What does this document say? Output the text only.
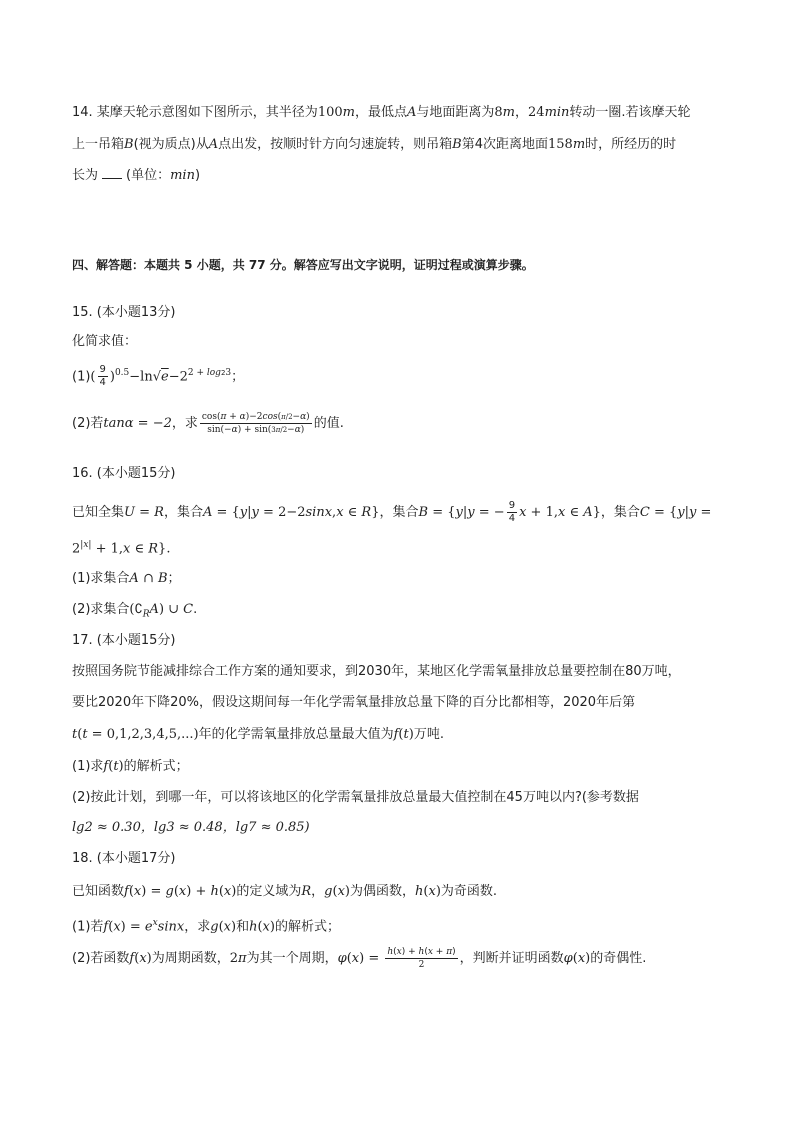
14. 某摩天轮示意图如下图所示，其半径为100m，最低点A与地面距离为8m，24min转动一圈.若该摩天轮
上一吊箱B(视为质点)从A点出发，按顺时针方向匀速旋转，则吊箱B第4次距离地面158m时，所经历的时
长为 (单位：min)
四、解答题：本题共 5 小题，共 77 分。解答应写出文字说明，证明过程或演算步骤。
15. (本小题13分)
化简求值：
$(1)( \frac{9}{4} )^{0.5}-\ln√e-2^{2 + log23}$；
(2)若tanα = −2，求 $\frac{\cos(\pi + \alpha)-2\cos(\pi/2-\alpha)}{\sin(-\alpha) + \sin(3\pi/2-\alpha)}$ 的值.
16. (本小题15分)
已知全集U = R，集合A = {y|y = 2−2sinx,x ∈ R}，集合B = {y|y = − $\frac{9}{4}$ x + 1,x ∈ A}，集合C = {y|y =
$2^{|x|} + 1,x$ ∈ R}.
(1)求集合A ∩ B；
(2)求集合$(∁_RA)$ ∪ C.
17. (本小题15分)
按照国务院节能减排综合工作方案的通知要求，到2030年，某地区化学需氧量排放总量要控制在80万吨，
要比2020年下降20%，假设这期间每一年化学需氧量排放总量下降的百分比都相等，2020年后第
t(t = 0,1,2,3,4,5,...)年的化学需氧量排放总量最大值为f(t)万吨.
(1)求f(t)的解析式；
(2)按此计划，到哪一年，可以将该地区的化学需氧量排放总量最大值控制在45万吨以内?(参考数据
lg2 ≈ 0.30，lg3 ≈ 0.48，lg7 ≈ 0.85)
18. (本小题17分)
已知函数f(x) = g(x) + h(x)的定义域为R，g(x)为偶函数，h(x)为奇函数.
(1)若$f(x) = e^x\sin x$，求g(x)和h(x)的解析式；
(2)若函数f(x)为周期函数，2π为其一个周期，$\varphi(x) = \frac{h(x) + h(x + \pi)}{2}$ ，判断并证明函数φ(x)的奇偶性.
